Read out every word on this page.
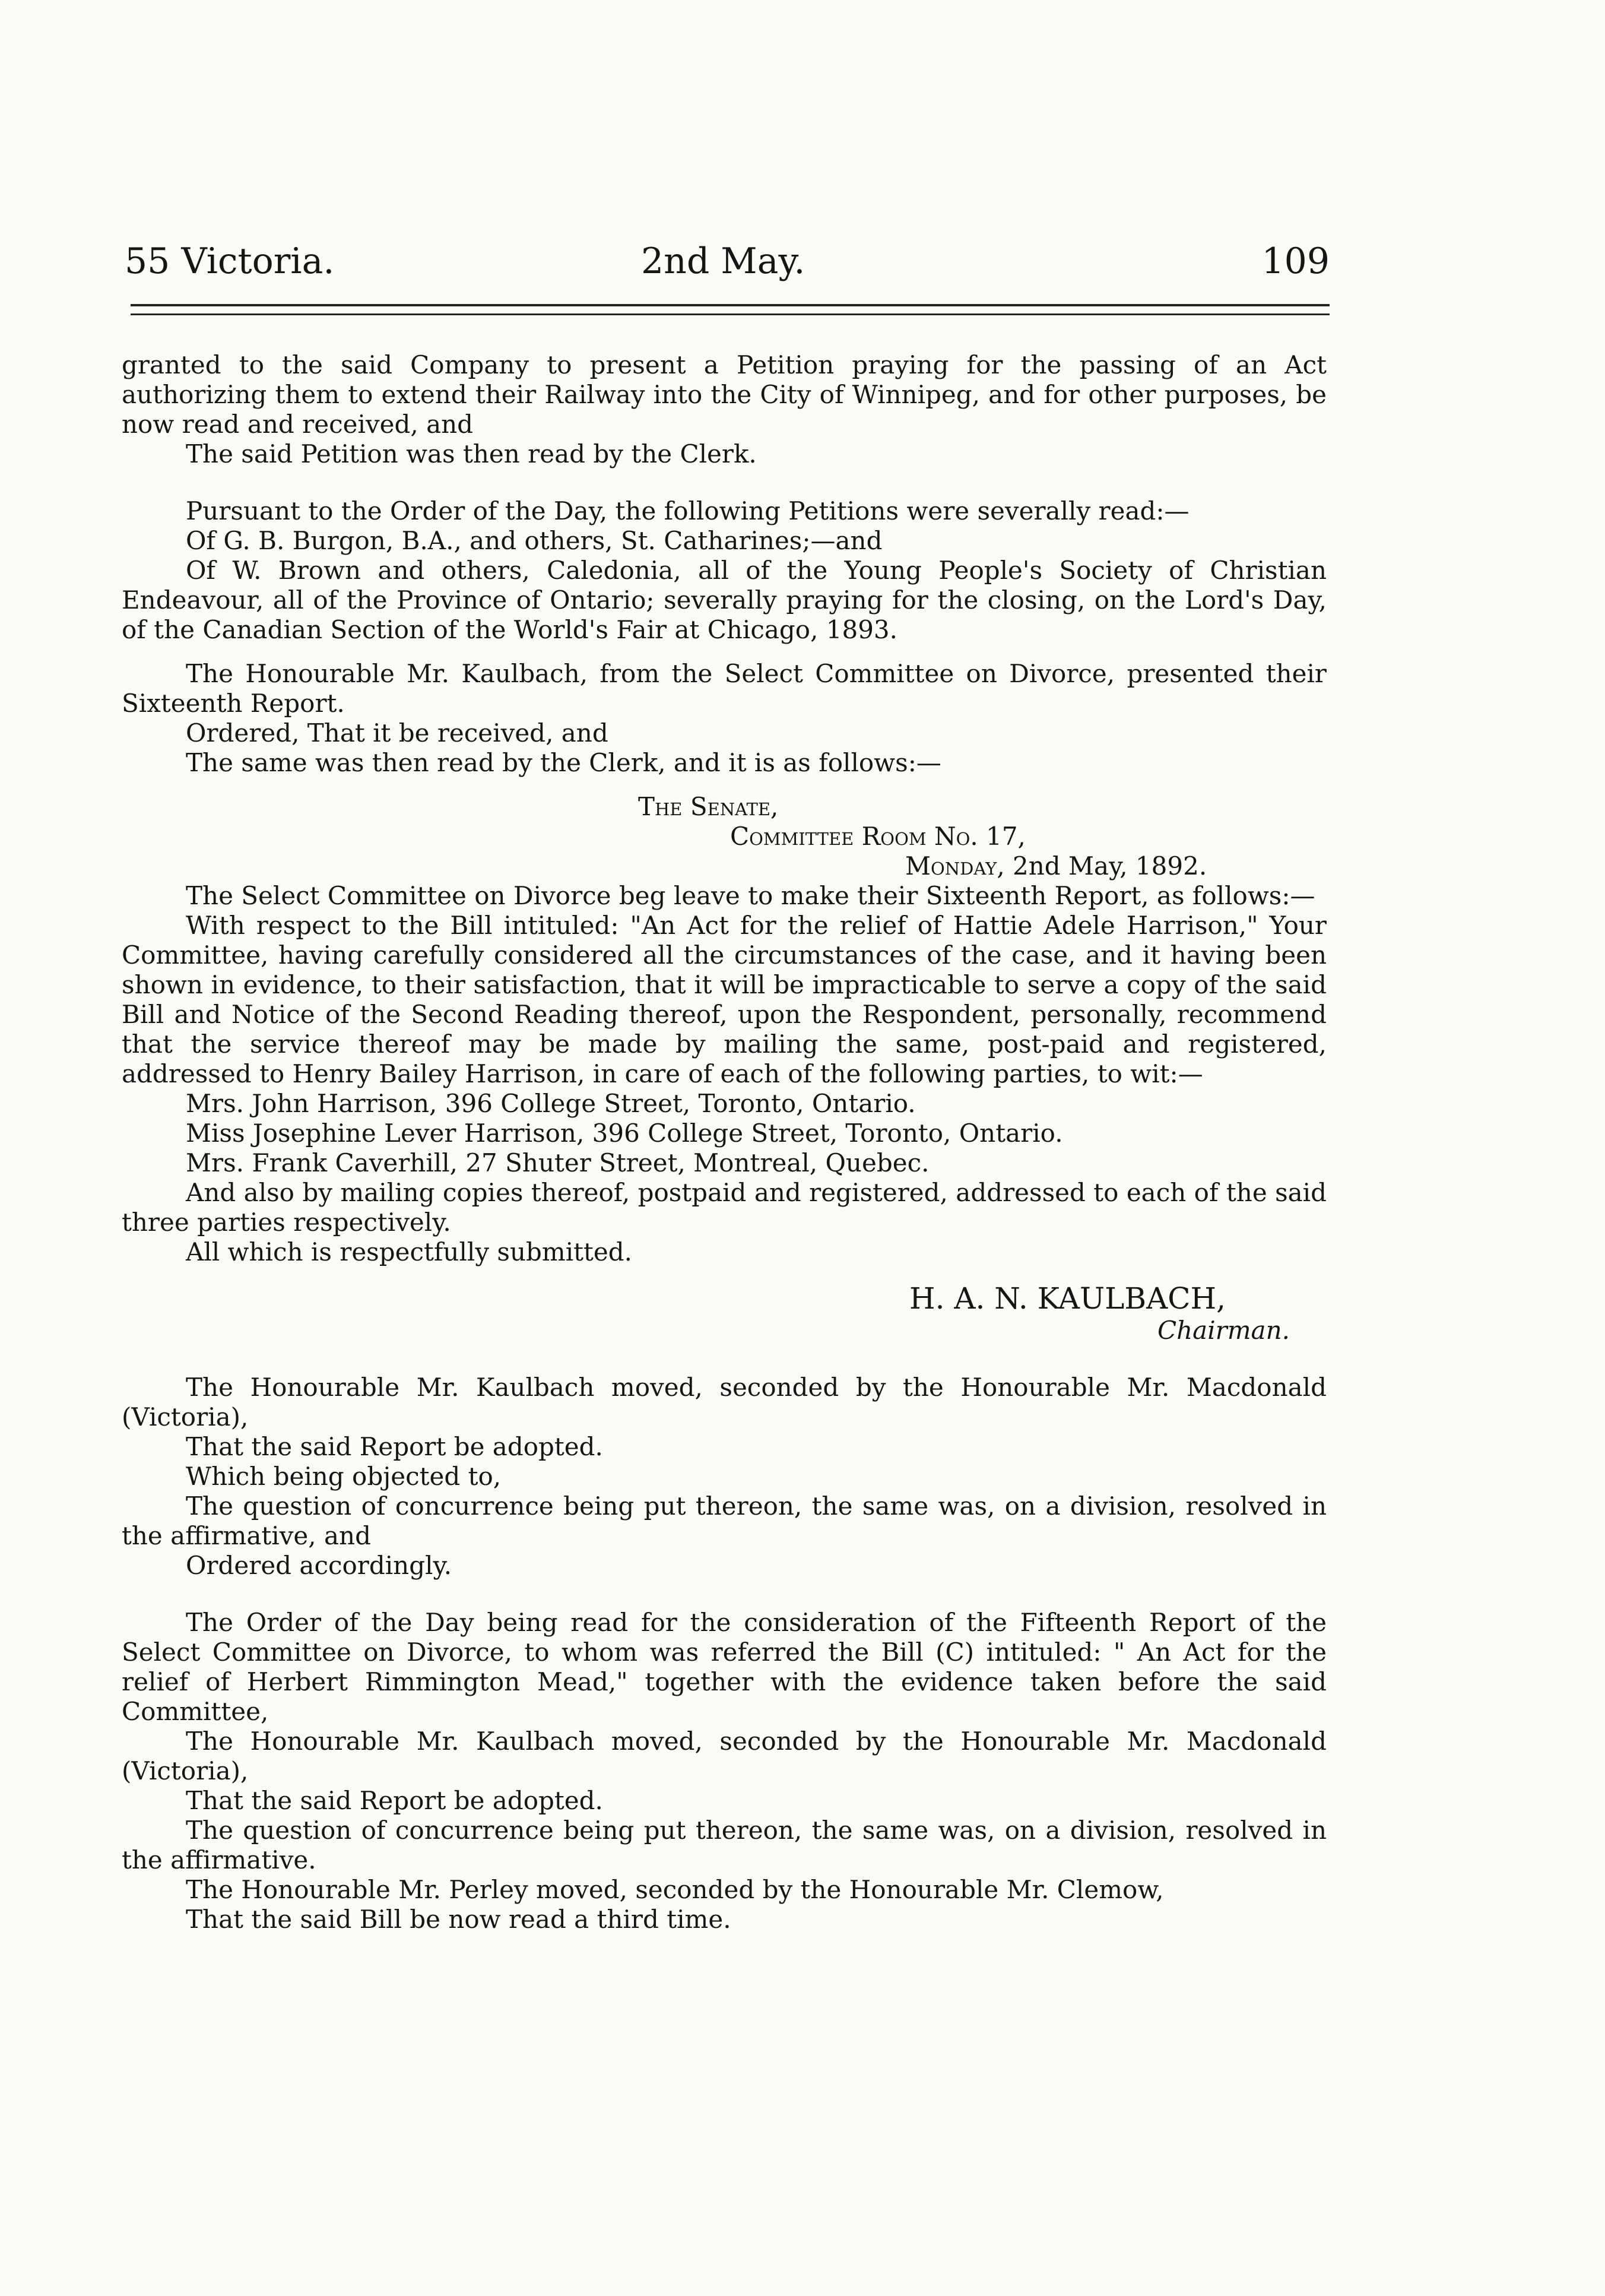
55 Victoria.	2nd May.	109

granted to the said Company to present a Petition praying for the passing of an Act authorizing them to extend their Railway into the City of Winnipeg, and for other purposes, be now read and received, and

The said Petition was then read by the Clerk.

Pursuant to the Order of the Day, the following Petitions were severally read:—

Of G. B. Burgon, B.A., and others, St. Catharines;—and

Of W. Brown and others, Caledonia, all of the Young People's Society of Christian Endeavour, all of the Province of Ontario; severally praying for the closing, on the Lord's Day, of the Canadian Section of the World's Fair at Chicago, 1893.

The Honourable Mr. Kaulbach, from the Select Committee on Divorce, presented their Sixteenth Report.

Ordered, That it be received, and

The same was then read by the Clerk, and it is as follows:—

The Senate,
Committee Room No. 17,
Monday, 2nd May, 1892.

The Select Committee on Divorce beg leave to make their Sixteenth Report, as follows:—

With respect to the Bill intituled: "An Act for the relief of Hattie Adele Harrison," Your Committee, having carefully considered all the circumstances of the case, and it having been shown in evidence, to their satisfaction, that it will be impracticable to serve a copy of the said Bill and Notice of the Second Reading thereof, upon the Respondent, personally, recommend that the service thereof may be made by mailing the same, post-paid and registered, addressed to Henry Bailey Harrison, in care of each of the following parties, to wit:—

Mrs. John Harrison, 396 College Street, Toronto, Ontario.

Miss Josephine Lever Harrison, 396 College Street, Toronto, Ontario.

Mrs. Frank Caverhill, 27 Shuter Street, Montreal, Quebec.

And also by mailing copies thereof, postpaid and registered, addressed to each of the said three parties respectively.

All which is respectfully submitted.

H. A. N. KAULBACH,
Chairman.

The Honourable Mr. Kaulbach moved, seconded by the Honourable Mr. Macdonald (Victoria),

That the said Report be adopted.

Which being objected to,

The question of concurrence being put thereon, the same was, on a division, resolved in the affirmative, and

Ordered accordingly.

The Order of the Day being read for the consideration of the Fifteenth Report of the Select Committee on Divorce, to whom was referred the Bill (C) intituled: " An Act for the relief of Herbert Rimmington Mead," together with the evidence taken before the said Committee,

The Honourable Mr. Kaulbach moved, seconded by the Honourable Mr. Macdonald (Victoria),

That the said Report be adopted.

The question of concurrence being put thereon, the same was, on a division, resolved in the affirmative.

The Honourable Mr. Perley moved, seconded by the Honourable Mr. Clemow,

That the said Bill be now read a third time.
